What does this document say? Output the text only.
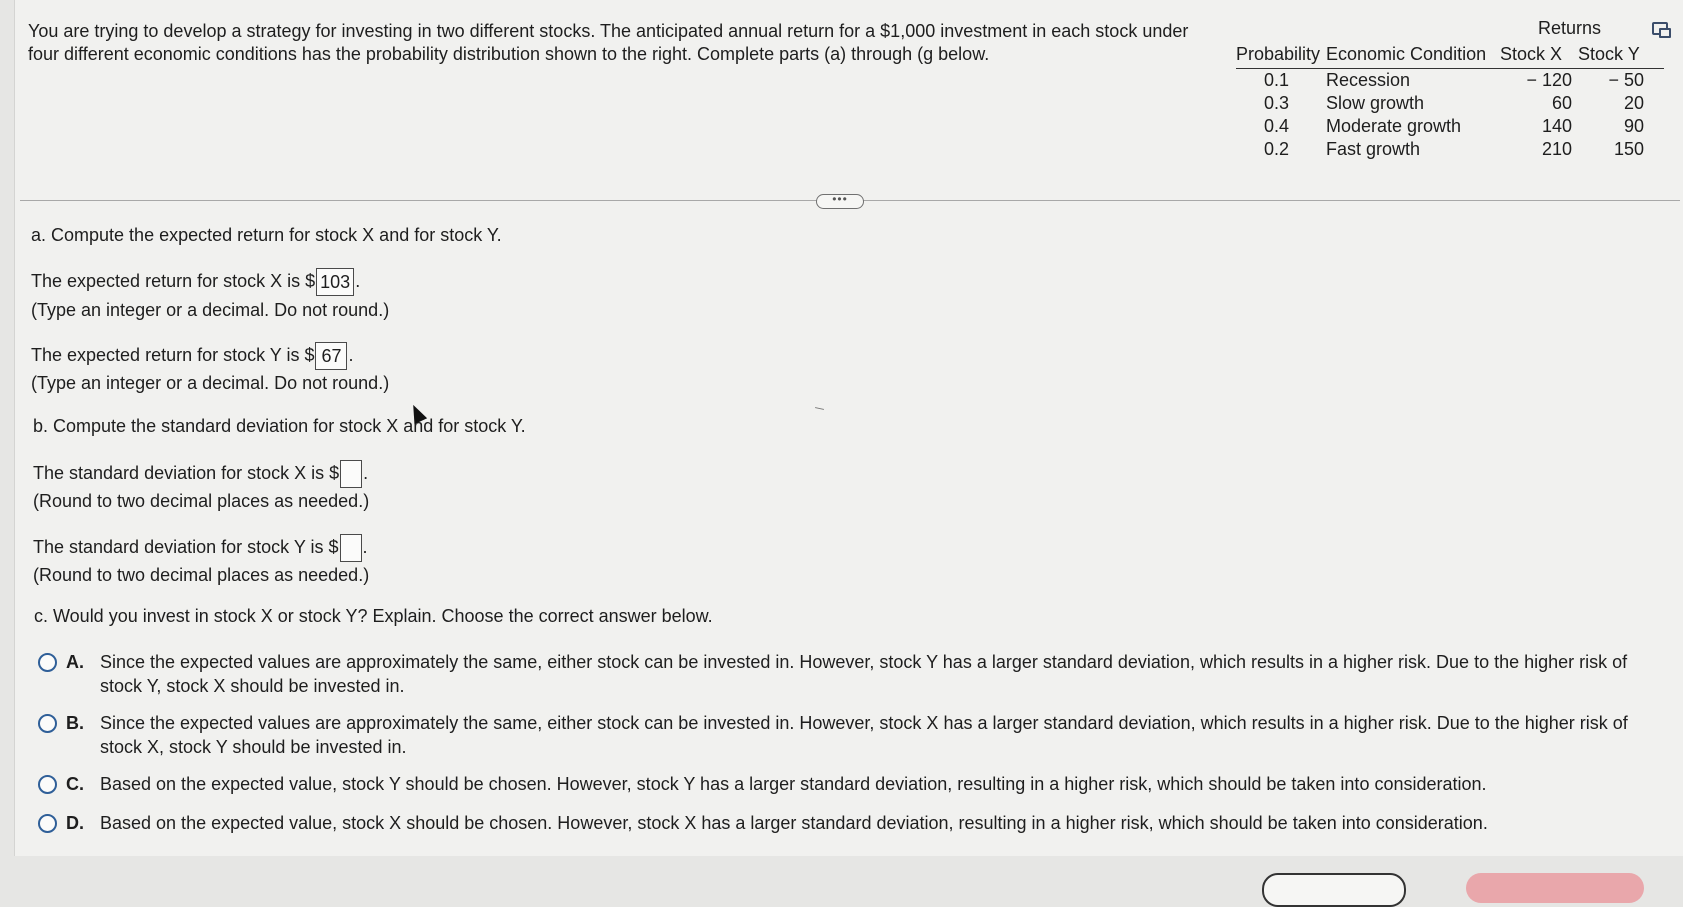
You are trying to develop a strategy for investing in two different stocks. The anticipated annual return for a $1,000 investment in each stock under four different economic conditions has the probability distribution shown to the right. Complete parts (a) through (g below.
Returns
Probability Economic Condition Stock X Stock Y
0.1 Recession	− 120 − 50
0.3 Slow growth	60	20
0.4 Moderate growth	140	90
0.2 Fast growth	210 150
•••
a. Compute the expected return for stock X and for stock Y.
The expected return for stock X is $ 103 .
(Type an integer or a decimal. Do not round.)
The expected return for stock Y is $ 67 .
(Type an integer or a decimal. Do not round.)
b. Compute the standard deviation for stock X and for stock Y.
The standard deviation for stock X is $ .
(Round to two decimal places as needed.)
The standard deviation for stock Y is $ .
(Round to two decimal places as needed.)
c. Would you invest in stock X or stock Y? Explain. Choose the correct answer below.
A. Since the expected values are approximately the same, either stock can be invested in. However, stock Y has a larger standard deviation, which results in a higher risk. Due to the higher risk of stock Y, stock X should be invested in.
B. Since the expected values are approximately the same, either stock can be invested in. However, stock X has a larger standard deviation, which results in a higher risk. Due to the higher risk of stock X, stock Y should be invested in.
C. Based on the expected value, stock Y should be chosen. However, stock Y has a larger standard deviation, resulting in a higher risk, which should be taken into consideration.
D. Based on the expected value, stock X should be chosen. However, stock X has a larger standard deviation, resulting in a higher risk, which should be taken into consideration.
